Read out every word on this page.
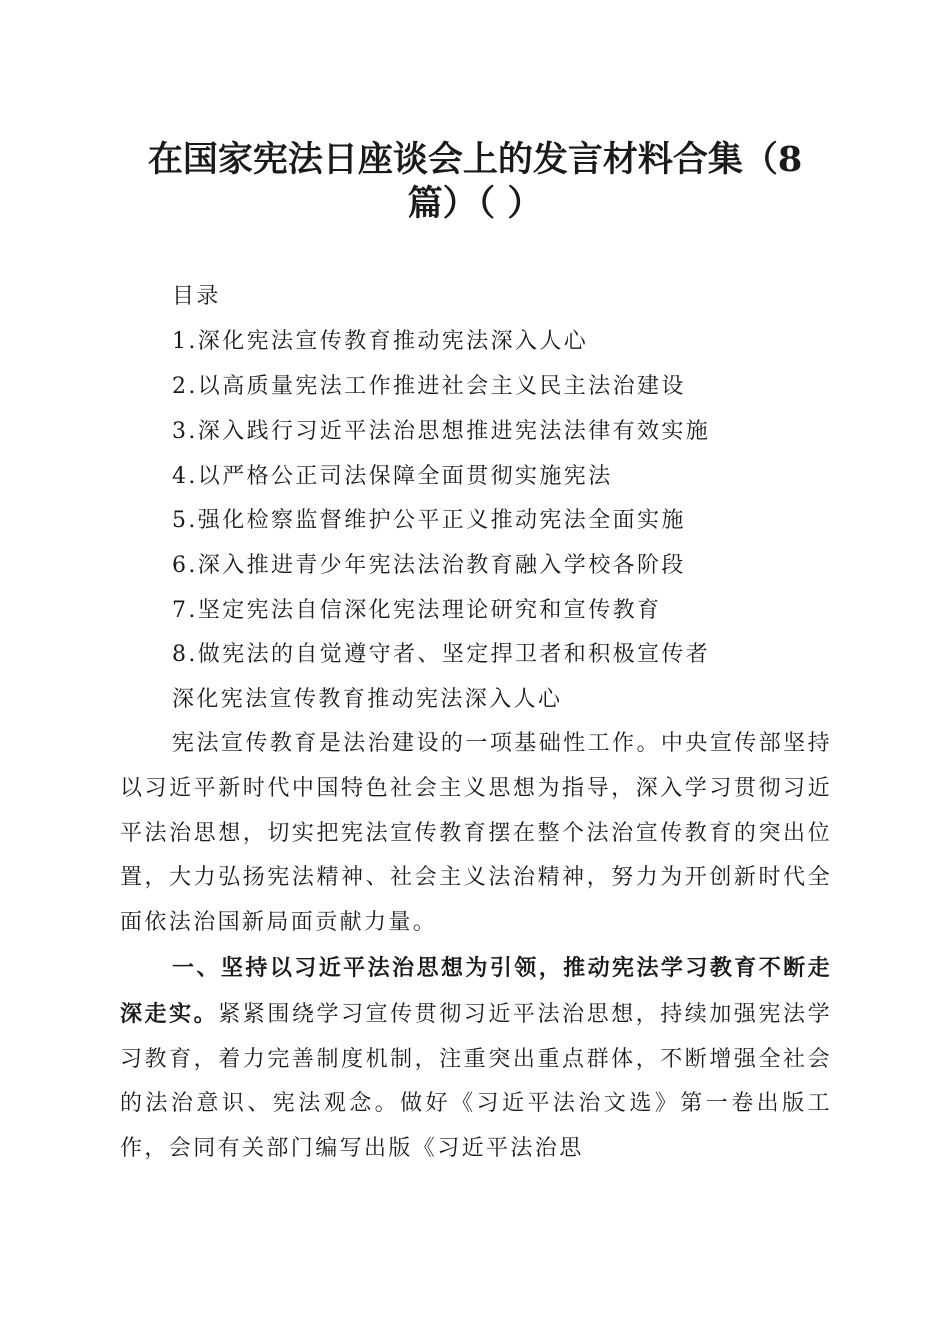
在国家宪法日座谈会上的发言材料合集（8
篇）（ ）
目录
1.深化宪法宣传教育推动宪法深入人心
2.以高质量宪法工作推进社会主义民主法治建设
3.深入践行习近平法治思想推进宪法法律有效实施
4.以严格公正司法保障全面贯彻实施宪法
5.强化检察监督维护公平正义推动宪法全面实施
6.深入推进青少年宪法法治教育融入学校各阶段
7.坚定宪法自信深化宪法理论研究和宣传教育
8.做宪法的自觉遵守者、坚定捍卫者和积极宣传者
深化宪法宣传教育推动宪法深入人心

宪法宣传教育是法治建设的一项基础性工作。中央宣传部坚持以习近平新时代中国特色社会主义思想为指导，深入学习贯彻习近平法治思想，切实把宪法宣传教育摆在整个法治宣传教育的突出位置，大力弘扬宪法精神、社会主义法治精神，努力为开创新时代全面依法治国新局面贡献力量。

一、坚持以习近平法治思想为引领，推动宪法学习教育不断走深走实。紧紧围绕学习宣传贯彻习近平法治思想，持续加强宪法学习教育，着力完善制度机制，注重突出重点群体，不断增强全社会的法治意识、宪法观念。做好《习近平法治文选》第一卷出版工作，会同有关部门编写出版《习近平法治思
